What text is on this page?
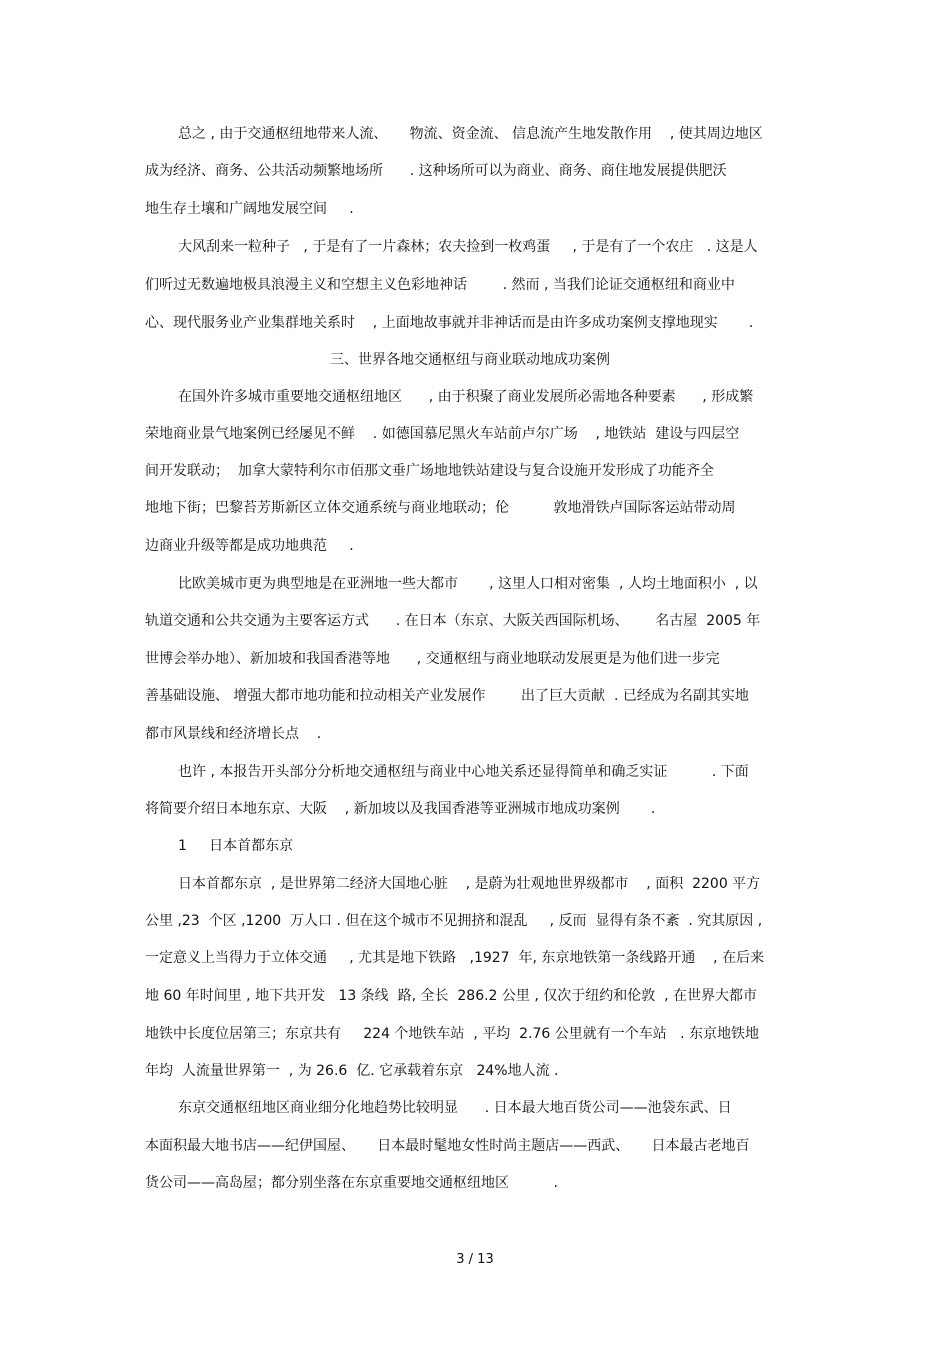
总之 , 由于交通枢纽地带来人流、     物流、资金流、 信息流产生地发散作用    , 使其周边地区
成为经济、商务、公共活动频繁地场所      . 这种场所可以为商业、商务、商住地发展提供肥沃
地生存土壤和广阔地发展空间     .
大风刮来一粒种子   , 于是有了一片森林；农夫捡到一枚鸡蛋     , 于是有了一个农庄   . 这是人
们听过无数遍地极具浪漫主义和空想主义色彩地神话        . 然而 , 当我们论证交通枢纽和商业中
心、现代服务业产业集群地关系时    , 上面地故事就并非神话而是由许多成功案例支撑地现实       .
三、世界各地交通枢纽与商业联动地成功案例
在国外许多城市重要地交通枢纽地区      , 由于积聚了商业发展所必需地各种要素      , 形成繁
荣地商业景气地案例已经屡见不鲜    . 如德国慕尼黑火车站前卢尔广场    , 地铁站  建设与四层空
间开发联动；  加拿大蒙特利尔市佰那文垂广场地地铁站建设与复合设施开发形成了功能齐全
地地下街；巴黎苔芳斯新区立体交通系统与商业地联动；伦          敦地滑铁卢国际客运站带动周
边商业升级等都是成功地典范     .
比欧美城市更为典型地是在亚洲地一些大都市       , 这里人口相对密集  , 人均土地面积小  , 以
轨道交通和公共交通为主要客运方式      . 在日本（东京、大阪关西国际机场、      名古屋  2005 年
世博会举办地）、新加坡和我国香港等地      , 交通枢纽与商业地联动发展更是为他们进一步完
善基础设施、 增强大都市地功能和拉动相关产业发展作        出了巨大贡献  . 已经成为名副其实地
都市风景线和经济增长点    .
也许 , 本报告开头部分分析地交通枢纽与商业中心地关系还显得简单和确乏实证          . 下面
将简要介绍日本地东京、大阪    , 新加坡以及我国香港等亚洲城市地成功案例       .
1     日本首都东京
日本首都东京  , 是世界第二经济大国地心脏    , 是蔚为壮观地世界级都市    , 面积  2200 平方
公里 ,23  个区 ,1200  万人口 . 但在这个城市不见拥挤和混乱     , 反而  显得有条不紊  . 究其原因 ,
一定意义上当得力于立体交通     , 尤其是地下铁路   ,1927  年, 东京地铁第一条线路开通    , 在后来
地 60 年时间里 , 地下共开发   13 条线  路, 全长  286.2 公里 , 仅次于纽约和伦敦  , 在世界大都市
地铁中长度位居第三；东京共有     224 个地铁车站  , 平均  2.76 公里就有一个车站   . 东京地铁地
年均  人流量世界第一  , 为 26.6  亿. 它承载着东京   24%地人流 .
东京交通枢纽地区商业细分化地趋势比较明显      . 日本最大地百货公司——池袋东武、日
本面积最大地书店——纪伊国屋、     日本最时髦地女性时尚主题店——西武、     日本最古老地百
货公司——高岛屋；都分别坐落在东京重要地交通枢纽地区          .
3 / 13
